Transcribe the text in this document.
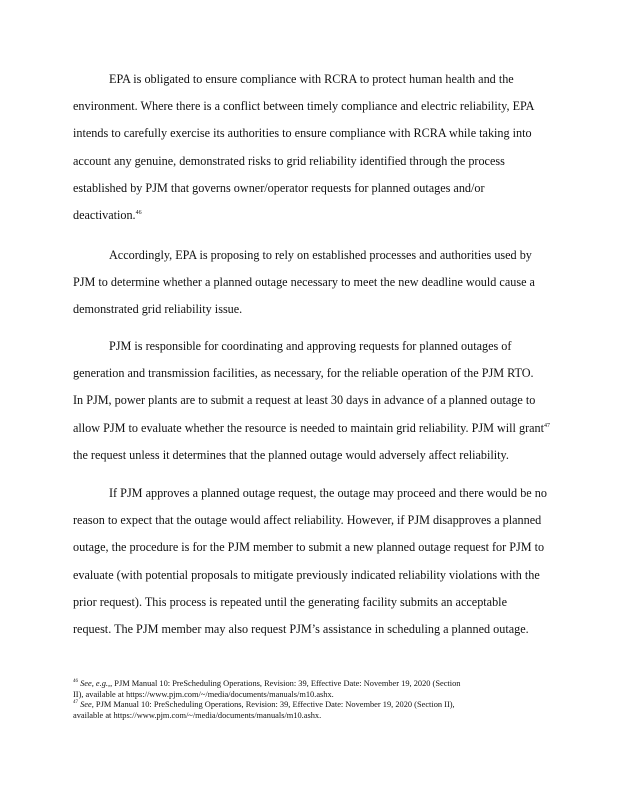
EPA is obligated to ensure compliance with RCRA to protect human health and the
environment. Where there is a conflict between timely compliance and electric reliability, EPA
intends to carefully exercise its authorities to ensure compliance with RCRA while taking into
account any genuine, demonstrated risks to grid reliability identified through the process
established by PJM that governs owner/operator requests for planned outages and/or
deactivation.$^{46}$

Accordingly, EPA is proposing to rely on established processes and authorities used by
PJM to determine whether a planned outage necessary to meet the new deadline would cause a
demonstrated grid reliability issue.

PJM is responsible for coordinating and approving requests for planned outages of
generation and transmission facilities, as necessary, for the reliable operation of the PJM RTO.
In PJM, power plants are to submit a request at least 30 days in advance of a planned outage to
allow PJM to evaluate whether the resource is needed to maintain grid reliability. PJM will grant$^{47}$
the request unless it determines that the planned outage would adversely affect reliability.

If PJM approves a planned outage request, the outage may proceed and there would be no
reason to expect that the outage would affect reliability. However, if PJM disapproves a planned
outage, the procedure is for the PJM member to submit a new planned outage request for PJM to
evaluate (with potential proposals to mitigate previously indicated reliability violations with the
prior request). This process is repeated until the generating facility submits an acceptable
request. The PJM member may also request PJM’s assistance in scheduling a planned outage.

$^{46}$ See, e.g.,, PJM Manual 10: PreScheduling Operations, Revision: 39, Effective Date: November 19, 2020 (Section
II), available at https://www.pjm.com/~/media/documents/manuals/m10.ashx.
$^{47}$ See, PJM Manual 10: PreScheduling Operations, Revision: 39, Effective Date: November 19, 2020 (Section II),
available at https://www.pjm.com/~/media/documents/manuals/m10.ashx.
